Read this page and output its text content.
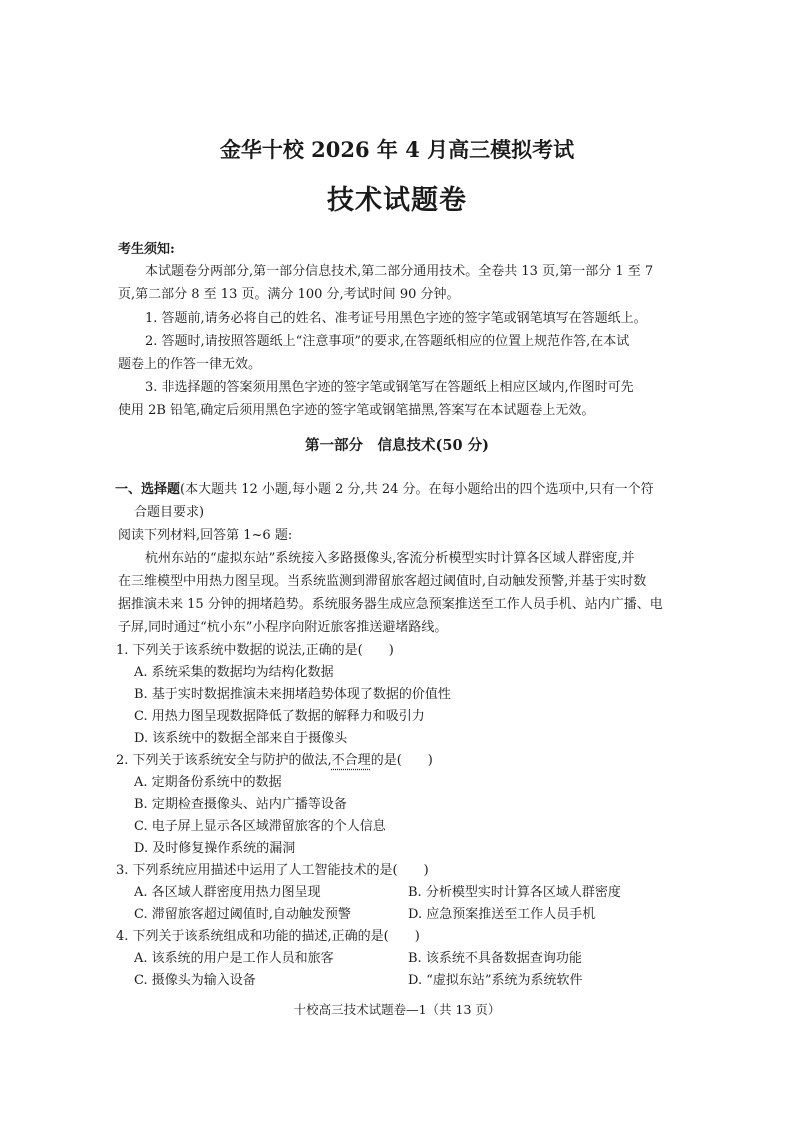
金华十校 2026 年 4 月高三模拟考试
技术试题卷
考生须知:
本试题卷分两部分,第一部分信息技术,第二部分通用技术。全卷共 13 页,第一部分 1 至 7
页,第二部分 8 至 13 页。满分 100 分,考试时间 90 分钟。
1. 答题前,请务必将自己的姓名、准考证号用黑色字迹的签字笔或钢笔填写在答题纸上。
2. 答题时,请按照答题纸上“注意事项”的要求,在答题纸相应的位置上规范作答,在本试
题卷上的作答一律无效。
3. 非选择题的答案须用黑色字迹的签字笔或钢笔写在答题纸上相应区域内,作图时可先
使用 2B 铅笔,确定后须用黑色字迹的签字笔或钢笔描黑,答案写在本试题卷上无效。
第一部分　信息技术(50 分)
一、选择题(本大题共 12 小题,每小题 2 分,共 24 分。在每小题给出的四个选项中,只有一个符
合题目要求)
阅读下列材料,回答第 1~6 题:
杭州东站的“虚拟东站”系统接入多路摄像头,客流分析模型实时计算各区域人群密度,并
在三维模型中用热力图呈现。当系统监测到滞留旅客超过阈值时,自动触发预警,并基于实时数
据推演未来 15 分钟的拥堵趋势。系统服务器生成应急预案推送至工作人员手机、站内广播、电
子屏,同时通过“杭小东”小程序向附近旅客推送避堵路线。
1. 下列关于该系统中数据的说法,正确的是(　　)
A. 系统采集的数据均为结构化数据
B. 基于实时数据推演未来拥堵趋势体现了数据的价值性
C. 用热力图呈现数据降低了数据的解释力和吸引力
D. 该系统中的数据全部来自于摄像头
2. 下列关于该系统安全与防护的做法,不合理的是(　　)
A. 定期备份系统中的数据
B. 定期检查摄像头、站内广播等设备
C. 电子屏上显示各区域滞留旅客的个人信息
D. 及时修复操作系统的漏洞
3. 下列系统应用描述中运用了人工智能技术的是(　　)
A. 各区域人群密度用热力图呈现	B. 分析模型实时计算各区域人群密度
C. 滞留旅客超过阈值时,自动触发预警	D. 应急预案推送至工作人员手机
4. 下列关于该系统组成和功能的描述,正确的是(　　)
A. 该系统的用户是工作人员和旅客	B. 该系统不具备数据查询功能
C. 摄像头为输入设备	D. “虚拟东站”系统为系统软件
十校高三技术试题卷—1（共 13 页）
